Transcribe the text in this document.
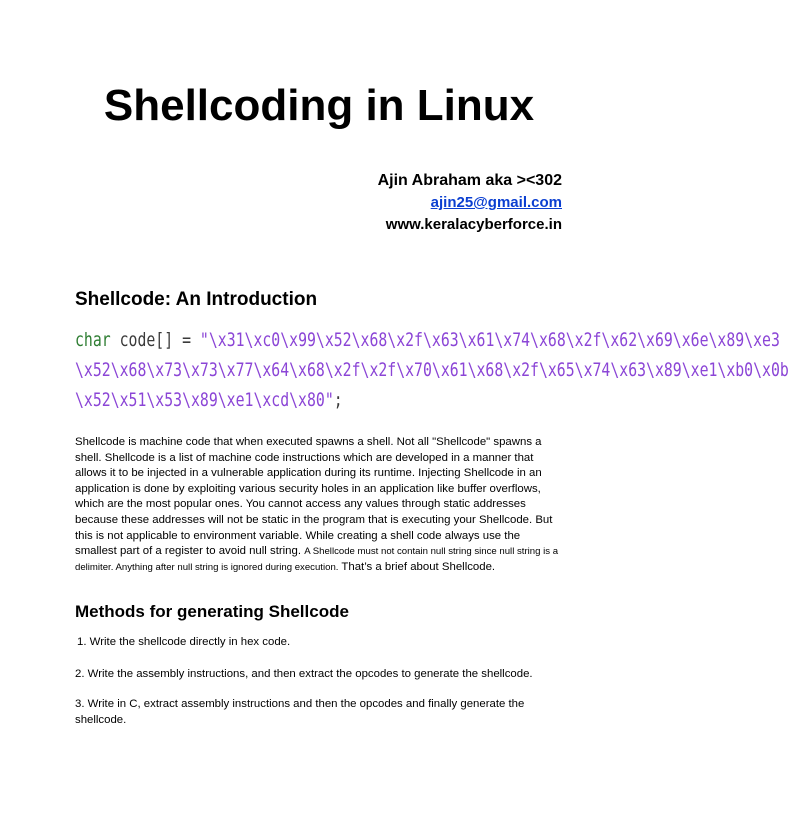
Shellcoding in Linux
Ajin Abraham aka ><302
ajin25@gmail.com
www.keralacyberforce.in
Shellcode: An Introduction
char code[] = "\x31\xc0\x99\x52\x68\x2f\x63\x61\x74\x68\x2f\x62\x69\x6e\x89\xe3
\x52\x68\x73\x73\x77\x64\x68\x2f\x2f\x70\x61\x68\x2f\x65\x74\x63\x89\xe1\xb0\x0b
\x52\x51\x53\x89\xe1\xcd\x80";
Shellcode is machine code that when executed spawns a shell. Not all "Shellcode" spawns a shell. Shellcode is a list of machine code instructions which are developed in a manner that allows it to be injected in a vulnerable application during its runtime. Injecting Shellcode in an application is done by exploiting various security holes in an application like buffer overflows, which are the most popular ones. You cannot access any values through static addresses because these addresses will not be static in the program that is executing your Shellcode. But this is not applicable to environment variable. While creating a shell code always use the smallest part of a register to avoid null string. A Shellcode must not contain null string since null string is a delimiter. Anything after null string is ignored during execution. That’s a brief about Shellcode.
Methods for generating Shellcode
1. Write the shellcode directly in hex code.
2. Write the assembly instructions, and then extract the opcodes to generate the shellcode.
3. Write in C, extract assembly instructions and then the opcodes and finally generate the shellcode.
